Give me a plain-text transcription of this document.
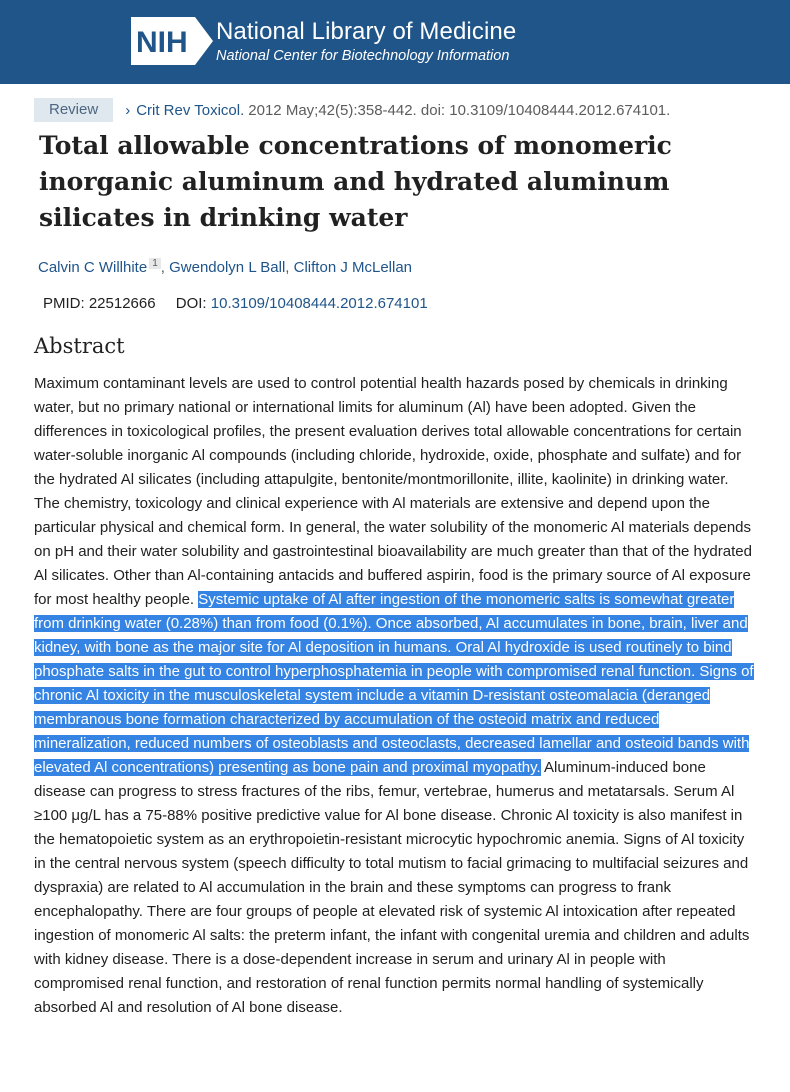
NIH National Library of Medicine
National Center for Biotechnology Information
Review	› Crit Rev Toxicol. 2012 May;42(5):358-442. doi: 10.3109/10408444.2012.674101.
Total allowable concentrations of monomeric inorganic aluminum and hydrated aluminum silicates in drinking water
Calvin C Willhite $^1$ , Gwendolyn L Ball, Clifton J McLellan
PMID: 22512666 DOI: 10.3109/10408444.2012.674101
Abstract

Maximum contaminant levels are used to control potential health hazards posed by chemicals in drinking water, but no primary national or international limits for aluminum (Al) have been adopted. Given the differences in toxicological profiles, the present evaluation derives total allowable concentrations for certain water-soluble inorganic Al compounds (including chloride, hydroxide, oxide, phosphate and sulfate) and for the hydrated Al silicates (including attapulgite, bentonite/montmorillonite, illite, kaolinite) in drinking water. The chemistry, toxicology and clinical experience with Al materials are extensive and depend upon the particular physical and chemical form. In general, the water solubility of the monomeric Al materials depends on pH and their water solubility and gastrointestinal bioavailability are much greater than that of the hydrated Al silicates. Other than Al-containing antacids and buffered aspirin, food is the primary source of Al exposure for most healthy people. Systemic uptake of Al after ingestion of the monomeric salts is somewhat greater from drinking water (0.28%) than from food (0.1%). Once absorbed, Al accumulates in bone, brain, liver and kidney, with bone as the major site for Al deposition in humans. Oral Al hydroxide is used routinely to bind phosphate salts in the gut to control hyperphosphatemia in people with compromised renal function. Signs of chronic Al toxicity in the musculoskeletal system include a vitamin D-resistant osteomalacia (deranged membranous bone formation characterized by accumulation of the osteoid matrix and reduced mineralization, reduced numbers of osteoblasts and osteoclasts, decreased lamellar and osteoid bands with elevated Al concentrations) presenting as bone pain and proximal myopathy. Aluminum-induced bone disease can progress to stress fractures of the ribs, femur, vertebrae, humerus and metatarsals. Serum Al ≥100 μg/L has a 75-88% positive predictive value for Al bone disease. Chronic Al toxicity is also manifest in the hematopoietic system as an erythropoietin-resistant microcytic hypochromic anemia. Signs of Al toxicity in the central nervous system (speech difficulty to total mutism to facial grimacing to multifacial seizures and dyspraxia) are related to Al accumulation in the brain and these symptoms can progress to frank encephalopathy. There are four groups of people at elevated risk of systemic Al intoxication after repeated ingestion of monomeric Al salts: the preterm infant, the infant with congenital uremia and children and adults with kidney disease. There is a dose-dependent increase in serum and urinary Al in people with compromised renal function, and restoration of renal function permits normal handling of systemically absorbed Al and resolution of Al bone disease.
